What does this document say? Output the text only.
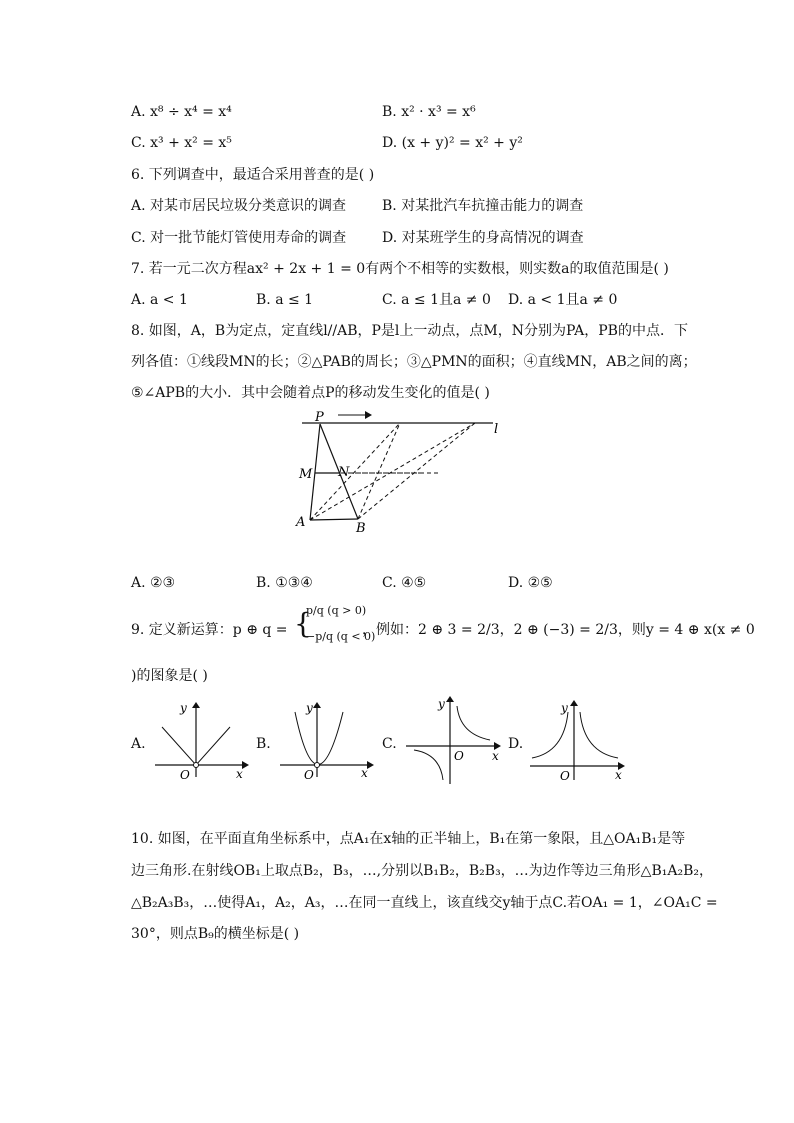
A. x⁸ ÷ x⁴ = x⁴	B. x² · x³ = x⁶
C. x³ + x² = x⁵	D. (x + y)² = x² + y²
6. 下列调查中，最适合采用普查的是( )
A. 对某市居民垃圾分类意识的调查	B. 对某批汽车抗撞击能力的调查
C. 对一批节能灯管使用寿命的调查	D. 对某班学生的身高情况的调查
7. 若一元二次方程ax² + 2x + 1 = 0有两个不相等的实数根，则实数a的取值范围是( )
A. a < 1	B. a ≤ 1	C. a ≤ 1且a ≠ 0 D. a < 1且a ≠ 0
8. 如图，A，B为定点，定直线l//AB，P是l上一动点，点M，N分别为PA，PB的中点．下
列各值：①线段MN的长；②△PAB的周长；③△PMN的面积；④直线MN，AB之间的离；
⑤∠APB的大小．其中会随着点P的移动发生变化的值是( )
P
M N
A	B
l
A. ②③	B. ①③④	C. ④⑤	D. ②⑤
9. 定义新运算：p ⊕ q = {
p/q (q > 0)
−p/q (q < 0)
，例如：2 ⊕ 3 = 2/3，2 ⊕ (−3) = 2/3，则y = 4 ⊕ x(x ≠ 0
)的图象是( )
A.
y
O	x
B.
y
O	x
C.
y
O x
D.
y
O	x
10. 如图，在平面直角坐标系中，点A₁在x轴的正半轴上，B₁在第一象限，且△OA₁B₁是等
边三角形.在射线OB₁上取点B₂，B₃，…,分别以B₁B₂，B₂B₃，…为边作等边三角形△B₁A₂B₂，
△B₂A₃B₃，…使得A₁，A₂，A₃，…在同一直线上，该直线交y轴于点C.若OA₁ = 1，∠OA₁C =
30°，则点B₉的横坐标是( )
